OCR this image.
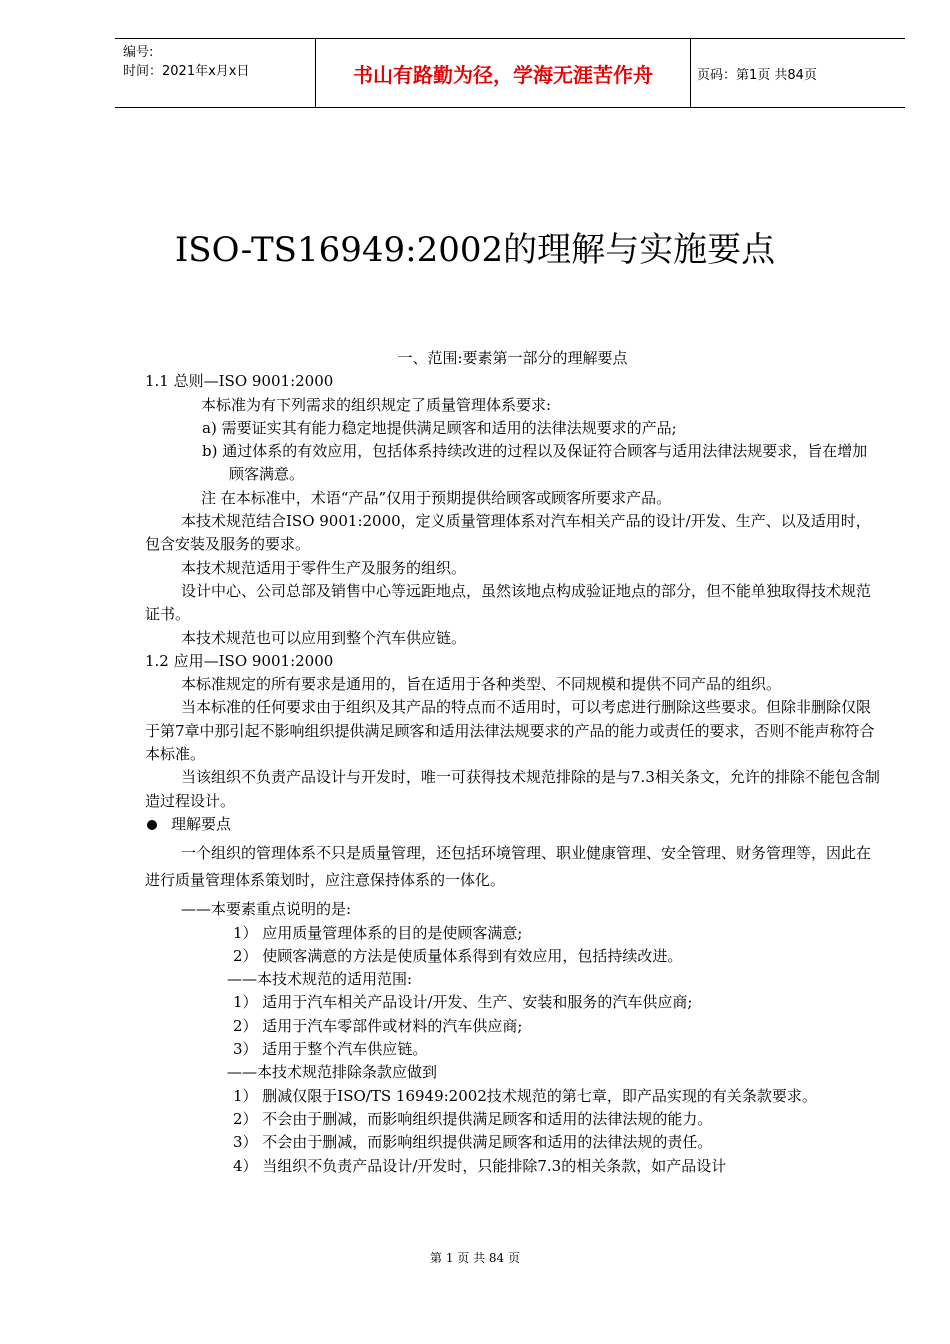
编号:
时间：2021年x月x日	书山有路勤为径，学海无涯苦作舟	页码：第1页 共84页
ISO-TS16949:2002的理解与实施要点

一、范围:要素第一部分的理解要点

1.1 总则—ISO 9001:2000

本标准为有下列需求的组织规定了质量管理体系要求:

a) 需要证实其有能力稳定地提供满足顾客和适用的法律法规要求的产品;

b) 通过体系的有效应用，包括体系持续改进的过程以及保证符合顾客与适用法律法规要求，旨在增加顾客满意。

注 在本标准中，术语“产品”仅用于预期提供给顾客或顾客所要求产品。

本技术规范结合ISO 9001:2000，定义质量管理体系对汽车相关产品的设计/开发、生产、以及适用时，包含安装及服务的要求。

本技术规范适用于零件生产及服务的组织。

设计中心、公司总部及销售中心等远距地点，虽然该地点构成验证地点的部分，但不能单独取得技术规范证书。

本技术规范也可以应用到整个汽车供应链。

1.2 应用—ISO 9001:2000

本标准规定的所有要求是通用的，旨在适用于各种类型、不同规模和提供不同产品的组织。

当本标准的任何要求由于组织及其产品的特点而不适用时，可以考虑进行删除这些要求。但除非删除仅限于第7章中那引起不影响组织提供满足顾客和适用法律法规要求的产品的能力或责任的要求，否则不能声称符合本标准。

当该组织不负责产品设计与开发时，唯一可获得技术规范排除的是与7.3相关条文，允许的排除不能包含制造过程设计。

理解要点

一个组织的管理体系不只是质量管理，还包括环境管理、职业健康管理、安全管理、财务管理等，因此在进行质量管理体系策划时，应注意保持体系的一体化。

——本要素重点说明的是:

1） 应用质量管理体系的目的是使顾客满意;

2） 使顾客满意的方法是使质量体系得到有效应用，包括持续改进。

——本技术规范的适用范围:

1） 适用于汽车相关产品设计/开发、生产、安装和服务的汽车供应商;

2） 适用于汽车零部件或材料的汽车供应商;

3） 适用于整个汽车供应链。

——本技术规范排除条款应做到

1） 删减仅限于ISO/TS 16949:2002技术规范的第七章，即产品实现的有关条款要求。

2） 不会由于删减，而影响组织提供满足顾客和适用的法律法规的能力。

3） 不会由于删减，而影响组织提供满足顾客和适用的法律法规的责任。

4） 当组织不负责产品设计/开发时，只能排除7.3的相关条款，如产品设计

第 1 页 共 84 页
